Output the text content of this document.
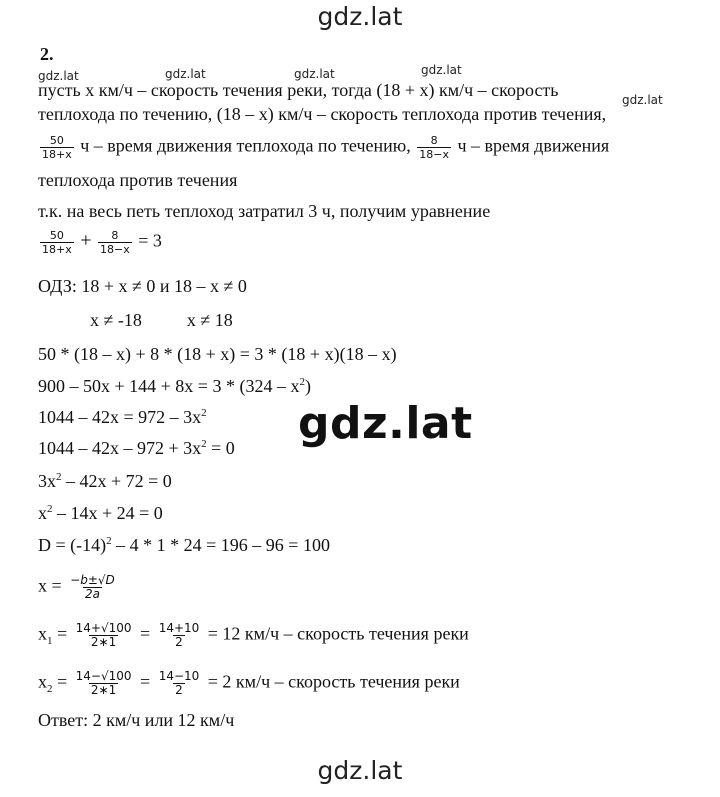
gdz.lat
2.
gdz.lat	gdz.lat	gdz.lat	gdz.lat
gdz.lat
пусть x км/ч – скорость течения реки, тогда (18 + x) км/ч – скорость
теплохода по течению, (18 – x) км/ч – скорость теплохода против течения,
$\frac{50}{18+x}$ ч – время движения теплохода по течению, $\frac{8}{18-x}$ ч – время движения
теплохода против течения
т.к. на весь петь теплоход затратил 3 ч, получим уравнение
$\frac{50}{18+x} + \frac{8}{18-x} = 3$
ОДЗ: 18 + x ≠ 0 и 18 – x ≠ 0
x ≠ -18          x ≠ 18
50 * (18 – x) + 8 * (18 + x) = 3 * (18 + x)(18 – x)
$900 - 50x + 144 + 8x = 3 * (324 - x^2)$
$1044 - 42x = 972 - 3x^2$
$1044 - 42x - 972 + 3x^2 = 0$
$3x^2 - 42x + 72 = 0$
$x^2 - 14x + 24 = 0$
$D = (-14)^2 - 4 * 1 * 24 = 196 - 96 = 100$
$x = \frac{-b\pm√D}{2a}$
$x_1 = \frac{14+√100}{2∗1} = \frac{14+10}{2} = 12$ км/ч – скорость течения реки
$x_2 = \frac{14-√100}{2∗1} = \frac{14-10}{2} = 2$ км/ч – скорость течения реки
Ответ: 2 км/ч или 12 км/ч
gdz.lat
gdz.lat
